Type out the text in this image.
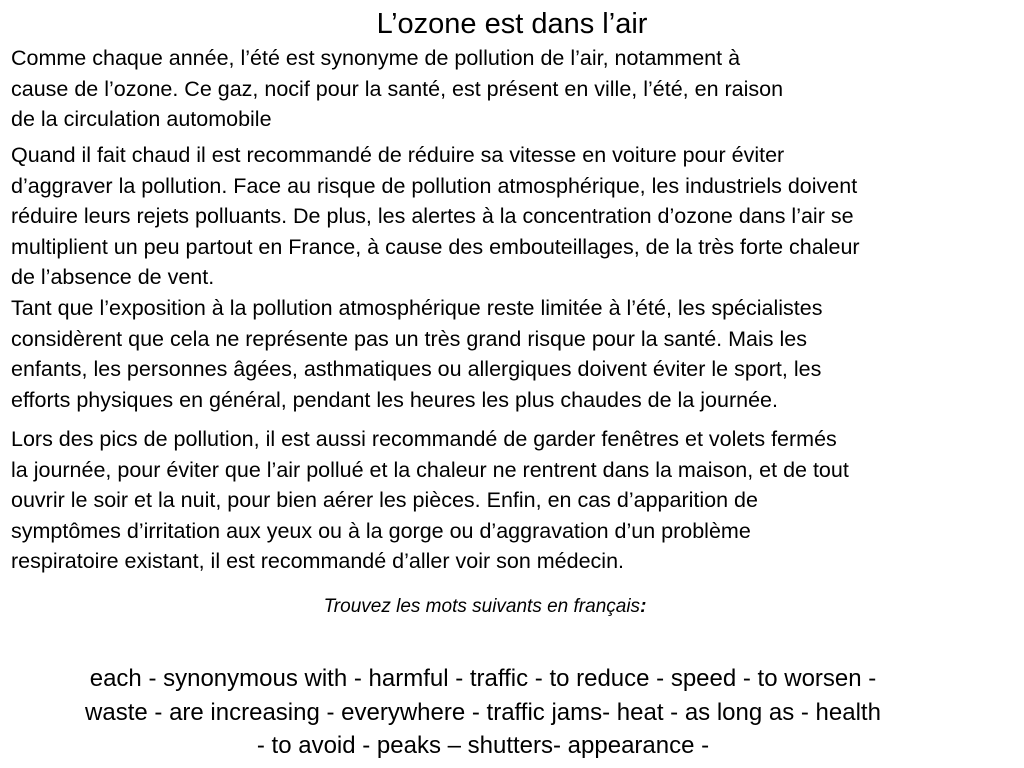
L’ozone est dans l’air

Comme chaque année, l’été est synonyme de pollution de l’air, notamment à
cause de l’ozone. Ce gaz, nocif pour la santé, est présent en ville, l’été, en raison
de la circulation automobile

Quand il fait chaud il est recommandé de réduire sa vitesse en voiture pour éviter
d’aggraver la pollution. Face au risque de pollution atmosphérique, les industriels doivent
réduire leurs rejets polluants. De plus, les alertes à la concentration d’ozone dans l’air se
multiplient un peu partout en France, à cause des embouteillages, de la très forte chaleur
de l’absence de vent.

Tant que l’exposition à la pollution atmosphérique reste limitée à l’été, les spécialistes
considèrent que cela ne représente pas un très grand risque pour la santé. Mais les
enfants, les personnes âgées, asthmatiques ou allergiques doivent éviter le sport, les
efforts physiques en général, pendant les heures les plus chaudes de la journée.

Lors des pics de pollution, il est aussi recommandé de garder fenêtres et volets fermés
la journée, pour éviter que l’air pollué et la chaleur ne rentrent dans la maison, et de tout
ouvrir le soir et la nuit, pour bien aérer les pièces. Enfin, en cas d’apparition de
symptômes d’irritation aux yeux ou à la gorge ou d’aggravation d’un problème
respiratoire existant, il est recommandé d’aller voir son médecin.

Trouvez les mots suivants en français:

each - synonymous with - harmful - traffic - to reduce - speed - to worsen -
waste - are increasing - everywhere - traffic jams- heat - as long as - health
- to avoid - peaks – shutters- appearance -
